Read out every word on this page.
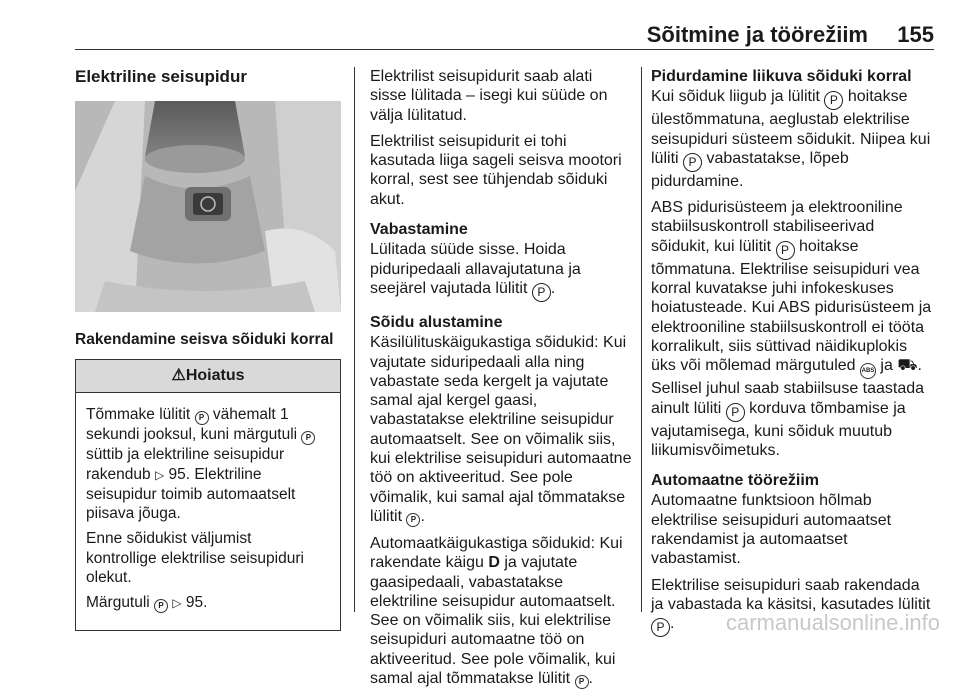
Sõitmine ja töörežiim 155
Elektriline seisupidur
Rakendamine seisva sõiduki korral
⚠Hoiatus

Tõmmake lülitit P vähemalt 1 sekundi jooksul, kuni märgutuli P süttib ja elektriline seisupidur rakendub ▷ 95. Elektriline seisupidur toimib automaatselt piisava jõuga.

Enne sõidukist väljumist kontrollige elektrilise seisupiduri olekut.

Märgutuli P ▷ 95.

Elektrilist seisupidurit saab alati sisse lülitada – isegi kui süüde on välja lülitatud.

Elektrilist seisupidurit ei tohi kasutada liiga sageli seisva mootori korral, sest see tühjendab sõiduki akut.

Vabastamine

Lülitada süüde sisse. Hoida piduripedaali allavajutatuna ja seejärel vajutada lülitit P .

Sõidu alustamine

Käsilülituskäigukastiga sõidukid: Kui vajutate siduripedaali alla ning vabastate seda kergelt ja vajutate samal ajal kergel gaasi, vabastatakse elektriline seisupidur automaatselt. See on võimalik siis, kui elektrilise seisupiduri automaatne töö on aktiveeritud. See pole võimalik, kui samal ajal tõmmatakse lülitit P .

Automaatkäigukastiga sõidukid: Kui rakendate käigu D ja vajutate gaasipedaali, vabastatakse elektriline seisupidur automaatselt. See on võimalik siis, kui elektrilise seisupiduri automaatne töö on aktiveeritud. See pole võimalik, kui samal ajal tõmmatakse lülitit P .

Pidurdamine liikuva sõiduki korral

Kui sõiduk liigub ja lülitit P hoitakse ülestõmmatuna, aeglustab elektrilise seisupiduri süsteem sõidukit. Niipea kui lüliti P vabastatakse, lõpeb pidurdamine.

ABS pidurisüsteem ja elektrooniline stabiilsuskontroll stabiliseerivad sõidukit, kui lülitit P hoitakse tõmmatuna. Elektrilise seisupiduri vea korral kuvatakse juhi infokeskuses hoiatusteade. Kui ABS pidurisüsteem ja elektrooniline stabiilsuskontroll ei tööta korralikult, siis süttivad näidikuplokis üks või mõlemad märgutuled ABS ja ⛟. Sellisel juhul saab stabiilsuse taastada ainult lüliti P korduva tõmbamise ja vajutamisega, kuni sõiduk muutub liikumisvõimetuks.

Automaatne töörežiim

Automaatne funktsioon hõlmab elektrilise seisupiduri automaatset rakendamist ja automaatset vabastamist.

Elektrilise seisupiduri saab rakendada ja vabastada ka käsitsi, kasutades lülitit P .	carmanualsonline.info
